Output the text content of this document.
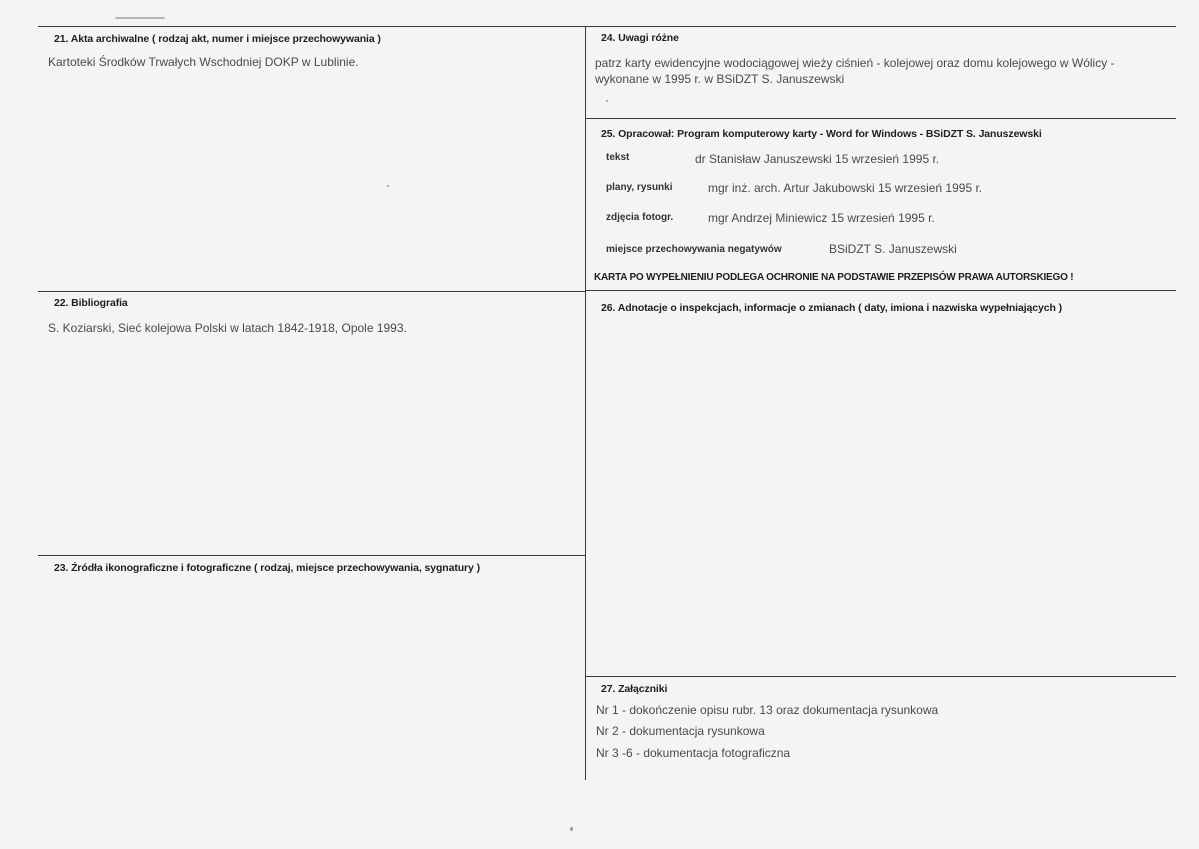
21. Akta archiwalne ( rodzaj akt, numer i miejsce przechowywania )
Kartoteki Środków Trwałych Wschodniej DOKP w Lublinie.
22. Bibliografia
S. Koziarski, Sieć kolejowa Polski w latach 1842-1918, Opole 1993.
23. Źródła ikonograficzne i fotograficzne ( rodzaj, miejsce przechowywania, sygnatury )
24. Uwagi różne
patrz karty ewidencyjne wodociągowej wieży ciśnień - kolejowej oraz domu kolejowego w Wólicy - wykonane w 1995 r. w BSiDZT S. Januszewski
25. Opracował: Program komputerowy karty - Word for Windows - BSiDZT S. Januszewski
tekst	dr Stanisław Januszewski 15 wrzesień 1995 r.
plany, rysunki	mgr inż. arch. Artur Jakubowski 15 wrzesień 1995 r.
zdjęcia fotogr.	mgr Andrzej Miniewicz 15 wrzesień 1995 r.
miejsce przechowywania negatywów	BSiDZT S. Januszewski
KARTA PO WYPEŁNIENIU PODLEGA OCHRONIE NA PODSTAWIE PRZEPISÓW PRAWA AUTORSKIEGO !
26. Adnotacje o inspekcjach, informacje o zmianach ( daty, imiona i nazwiska wypełniających )
27. Załączniki
Nr 1 - dokończenie opisu rubr. 13 oraz dokumentacja rysunkowa
Nr 2 - dokumentacja rysunkowa
Nr 3 -6 - dokumentacja fotograficzna
